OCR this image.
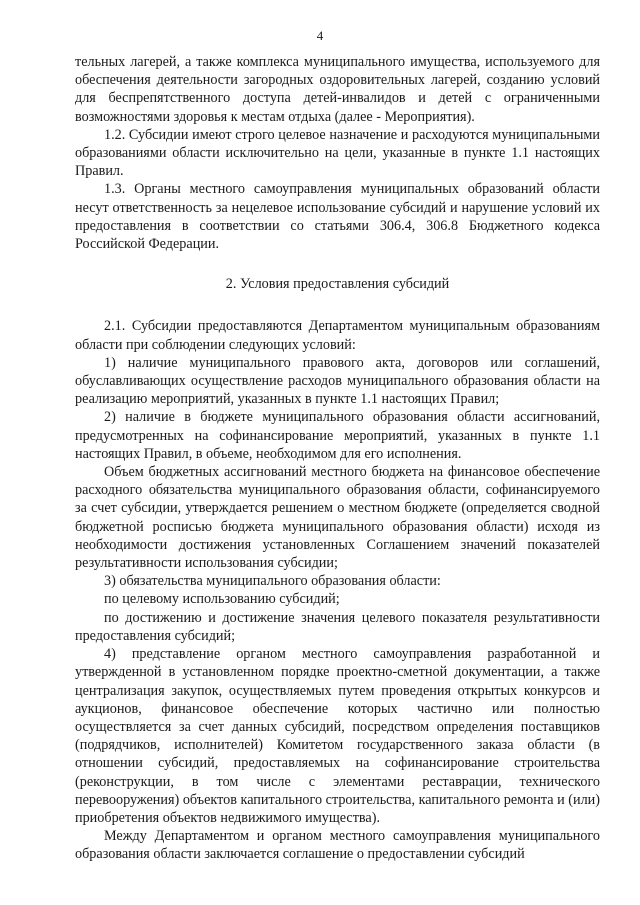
4

тельных лагерей, а также комплекса муниципального имущества, используемого для обеспечения деятельности загородных оздоровительных лагерей, созданию условий для беспрепятственного доступа детей-инвалидов и детей с ограниченными возможностями здоровья к местам отдыха (далее - Мероприятия).

1.2. Субсидии имеют строго целевое назначение и расходуются муниципальными образованиями области исключительно на цели, указанные в пункте 1.1 настоящих Правил.

1.3. Органы местного самоуправления муниципальных образований области несут ответственность за нецелевое использование субсидий и нарушение условий их предоставления в соответствии со статьями 306.4, 306.8 Бюджетного кодекса Российской Федерации.

2. Условия предоставления субсидий

2.1. Субсидии предоставляются Департаментом муниципальным образованиям области при соблюдении следующих условий:

1) наличие муниципального правового акта, договоров или соглашений, обуславливающих осуществление расходов муниципального образования области на реализацию мероприятий, указанных в пункте 1.1 настоящих Правил;

2) наличие в бюджете муниципального образования области ассигнований, предусмотренных на софинансирование мероприятий, указанных в пункте 1.1 настоящих Правил, в объеме, необходимом для его исполнения.

Объем бюджетных ассигнований местного бюджета на финансовое обеспечение расходного обязательства муниципального образования области, софинансируемого за счет субсидии, утверждается решением о местном бюджете (определяется сводной бюджетной росписью бюджета муниципального образования области) исходя из необходимости достижения установленных Соглашением значений показателей результативности использования субсидии;

3) обязательства муниципального образования области:

по целевому использованию субсидий;

по достижению и достижение значения целевого показателя результативности предоставления субсидий;

4) представление органом местного самоуправления разработанной и утвержденной в установленном порядке проектно-сметной документации, а также централизация закупок, осуществляемых путем проведения открытых конкурсов и аукционов, финансовое обеспечение которых частично или полностью осуществляется за счет данных субсидий, посредством определения поставщиков (подрядчиков, исполнителей) Комитетом государственного заказа области (в отношении субсидий, предоставляемых на софинансирование строительства (реконструкции, в том числе с элементами реставрации, технического перевооружения) объектов капитального строительства, капитального ремонта и (или) приобретения объектов недвижимого имущества).

Между Департаментом и органом местного самоуправления муниципального образования области заключается соглашение о предоставлении субсидий
